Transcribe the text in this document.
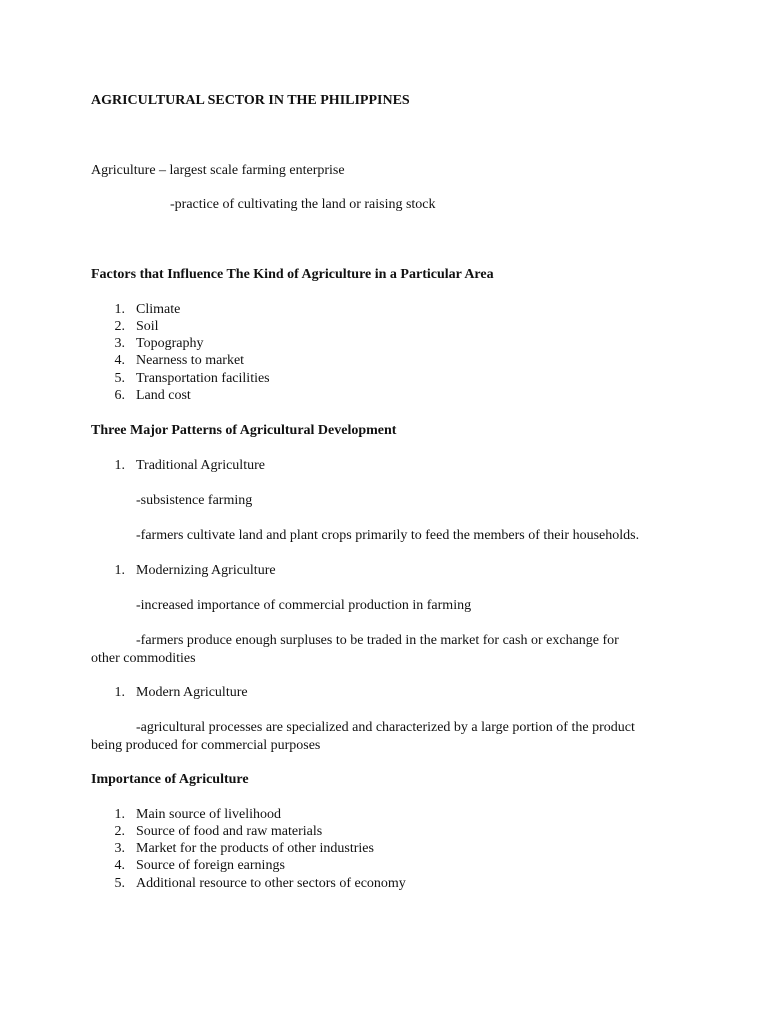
AGRICULTURAL SECTOR IN THE PHILIPPINES
Agriculture – largest scale farming enterprise
-practice of cultivating the land or raising stock
Factors that Influence The Kind of Agriculture in a Particular Area
1. Climate
2. Soil
3. Topography
4. Nearness to market
5. Transportation facilities
6. Land cost
Three Major Patterns of Agricultural Development
1. Traditional Agriculture
-subsistence farming
-farmers cultivate land and plant crops primarily to feed the members of their households.
1. Modernizing Agriculture
-increased importance of commercial production in farming
-farmers produce enough surpluses to be traded in the market for cash or exchange for
other commodities
1. Modern Agriculture
-agricultural processes are specialized and characterized by a large portion of the product
being produced for commercial purposes
Importance of Agriculture
1. Main source of livelihood
2. Source of food and raw materials
3. Market for the products of other industries
4. Source of foreign earnings
5. Additional resource to other sectors of economy
